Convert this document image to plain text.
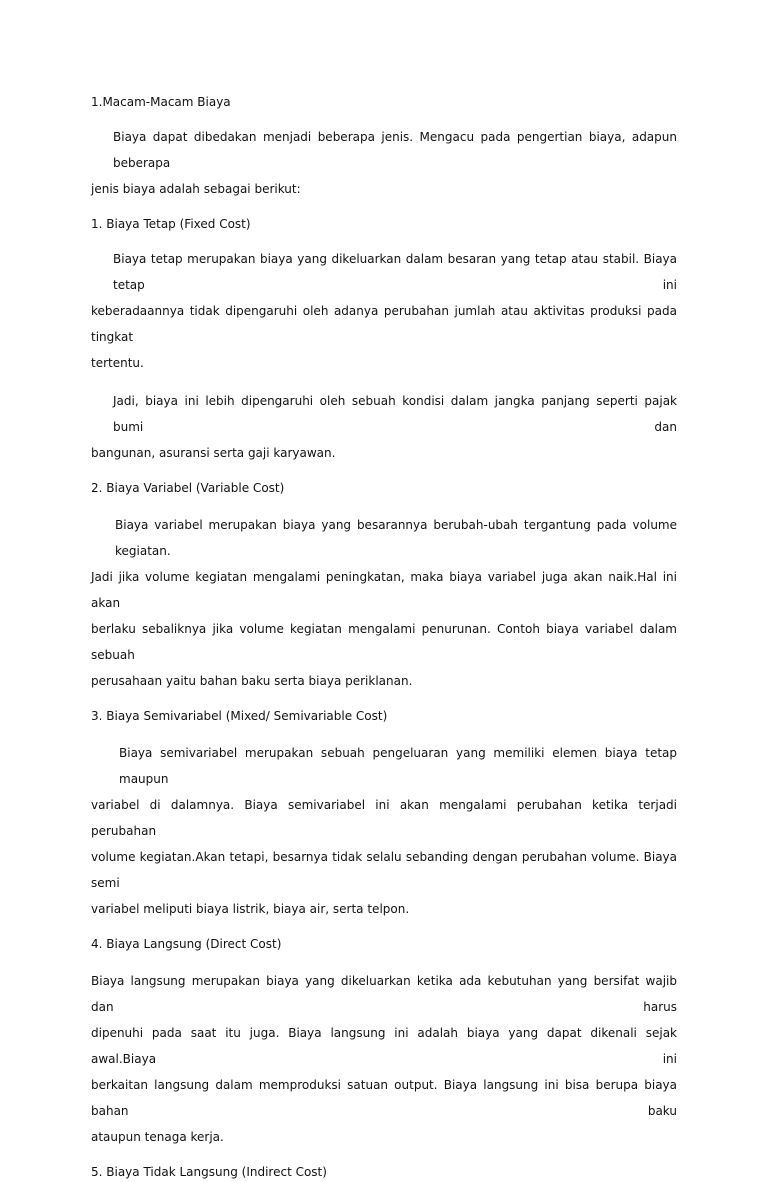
1.Macam-Macam Biaya

Biaya dapat dibedakan menjadi beberapa jenis. Mengacu pada pengertian biaya, adapun beberapa

jenis biaya adalah sebagai berikut:

1. Biaya Tetap (Fixed Cost)

Biaya tetap merupakan biaya yang dikeluarkan dalam besaran yang tetap atau stabil. Biaya tetap ini

keberadaannya tidak dipengaruhi oleh adanya perubahan jumlah atau aktivitas produksi pada tingkat

tertentu.

Jadi, biaya ini lebih dipengaruhi oleh sebuah kondisi dalam jangka panjang seperti pajak bumi dan

bangunan, asuransi serta gaji karyawan.

2. Biaya Variabel (Variable Cost)

Biaya variabel merupakan biaya yang besarannya berubah-ubah tergantung pada volume kegiatan.

Jadi jika volume kegiatan mengalami peningkatan, maka biaya variabel juga akan naik.Hal ini akan

berlaku sebaliknya jika volume kegiatan mengalami penurunan. Contoh biaya variabel dalam sebuah

perusahaan yaitu bahan baku serta biaya periklanan.

3. Biaya Semivariabel (Mixed/ Semivariable Cost)

Biaya semivariabel merupakan sebuah pengeluaran yang memiliki elemen biaya tetap maupun

variabel di dalamnya. Biaya semivariabel ini akan mengalami perubahan ketika terjadi perubahan

volume kegiatan.Akan tetapi, besarnya tidak selalu sebanding dengan perubahan volume. Biaya semi

variabel meliputi biaya listrik, biaya air, serta telpon.

4. Biaya Langsung (Direct Cost)

Biaya langsung merupakan biaya yang dikeluarkan ketika ada kebutuhan yang bersifat wajib dan harus

dipenuhi pada saat itu juga. Biaya langsung ini adalah biaya yang dapat dikenali sejak awal.Biaya ini

berkaitan langsung dalam memproduksi satuan output. Biaya langsung ini bisa berupa biaya bahan baku

ataupun tenaga kerja.

5. Biaya Tidak Langsung (Indirect Cost)
